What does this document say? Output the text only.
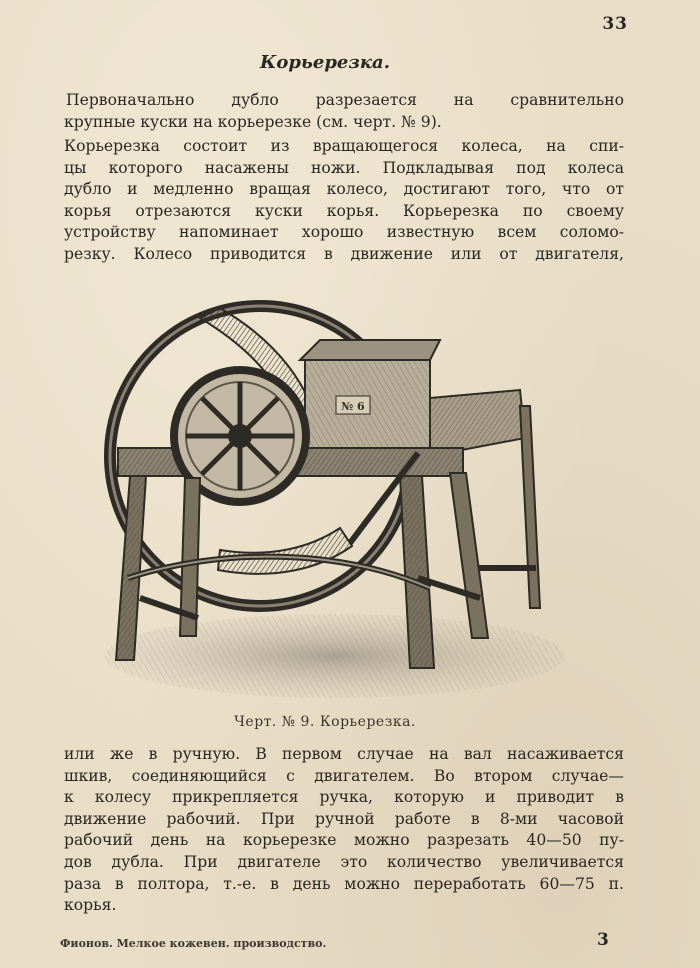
33
Корьерезка.
Первоначально дубло разрезается на сравнительно
крупные куски на корьерезке (см. черт. № 9).
Корьерезка состоит из вращающегося колеса, на спи-
цы которого насажены ножи. Подкладывая под колеса
дубло и медленно вращая колесо, достигают того, что от
корья отрезаются куски корья. Корьерезка по своему
устройству напоминает хорошо известную всем соломо-
резку. Колесо приводится в движение или от двигателя,
№ 6
Черт. № 9. Корьерезка.
или же в ручную. В первом случае на вал насаживается
шкив, соединяющийся с двигателем. Во втором случае—
к колесу прикрепляется ручка, которую и приводит в
движение рабочий. При ручной работе в 8-ми часовой
рабочий день на корьерезке можно разрезать 40—50 пу-
дов дубла. При двигателе это количество увеличивается
раза в полтора, т.-е. в день можно переработать 60—75 п.
корья.
Фионов. Мелкое кожевен. производство.	3
